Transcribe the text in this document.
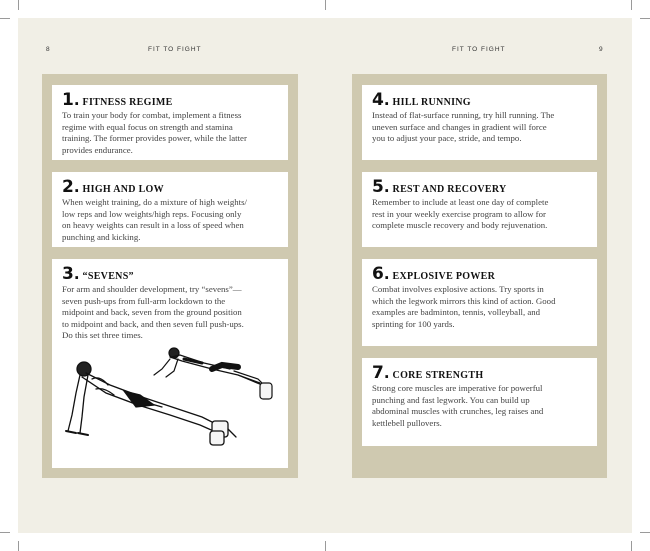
8	FIT TO FIGHT	FIT TO FIGHT	9
1 . FITNESS REGIME

To train your body for combat, implement a fitness
regime with equal focus on strength and stamina
training. The former provides power, while the latter
provides endurance.

2 . HIGH AND LOW

When weight training, do a mixture of high weights/
low reps and low weights/high reps. Focusing only
on heavy weights can result in a loss of speed when
punching and kicking.

3 . “SEVENS”

For arm and shoulder development, try “sevens”—
seven push-ups from full-arm lockdown to the
midpoint and back, seven from the ground position
to midpoint and back, and then seven full push-ups.
Do this set three times.

4 . HILL RUNNING

Instead of flat-surface running, try hill running. The
uneven surface and changes in gradient will force
you to adjust your pace, stride, and tempo.

5 . REST AND RECOVERY

Remember to include at least one day of complete
rest in your weekly exercise program to allow for
complete muscle recovery and body rejuvenation.

6 . EXPLOSIVE POWER

Combat involves explosive actions. Try sports in
which the legwork mirrors this kind of action. Good
examples are badminton, tennis, volleyball, and
sprinting for 100 yards.

7 . CORE STRENGTH

Strong core muscles are imperative for powerful
punching and fast legwork. You can build up
abdominal muscles with crunches, leg raises and
kettlebell pullovers.
